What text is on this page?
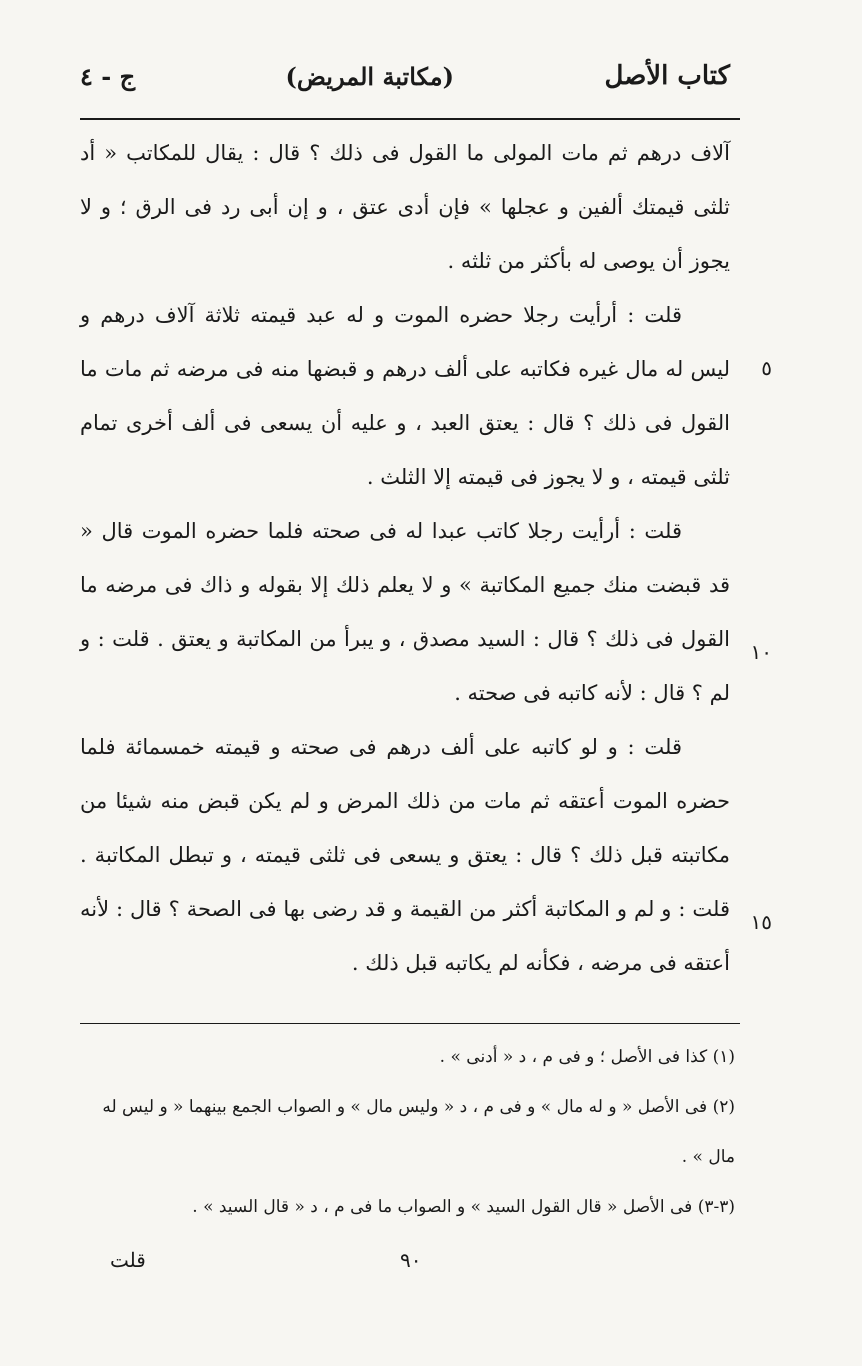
كتاب الأصل
(مكاتبة المريض)
ج - ٤

آلاف درهم ثم مات المولى ما القول فى ذلك ؟ قال : يقال للمكاتب « أد ثلثى قيمتك ألفين و عجلها » فإن أدى عتق ، و إن أبى رد فى الرق ؛ و لا يجوز أن يوصى له بأكثر من ثلثه .

قلت : أرأيت رجلا حضره الموت و له عبد قيمته ثلاثة آلاف درهم و ليس له مال غيره فكاتبه على ألف درهم و قبضها منه فى مرضه ثم مات ما القول فى ذلك ؟ قال : يعتق العبد ، و عليه أن يسعى فى ألف أخرى تمام ثلثى قيمته ، و لا يجوز فى قيمته إلا الثلث .

قلت : أرأيت رجلا كاتب عبدا له فى صحته فلما حضره الموت قال « قد قبضت منك جميع المكاتبة » و لا يعلم ذلك إلا بقوله و ذاك فى مرضه ما القول فى ذلك ؟ قال : السيد مصدق ، و يبرأ من المكاتبة و يعتق . قلت : و لم ؟ قال : لأنه كاتبه فى صحته .

قلت : و لو كاتبه على ألف درهم فى صحته و قيمته خمسمائة فلما حضره الموت أعتقه ثم مات من ذلك المرض و لم يكن قبض منه شيئا من مكاتبته قبل ذلك ؟ قال : يعتق و يسعى فى ثلثى قيمته ، و تبطل المكاتبة . قلت : و لم و المكاتبة أكثر من القيمة و قد رضى بها فى الصحة ؟ قال : لأنه أعتقه فى مرضه ، فكأنه لم يكاتبه قبل ذلك .

٥
١٠
١٥

(١) كذا فى الأصل ؛ و فى م ، د « أدنى » .

(٢) فى الأصل « و له مال » و فى م ، د « وليس مال » و الصواب الجمع بينهما « و ليس له مال » .

(٣-٣) فى الأصل « قال القول السيد » و الصواب ما فى م ، د « قال السيد » .

٩٠
قلت
